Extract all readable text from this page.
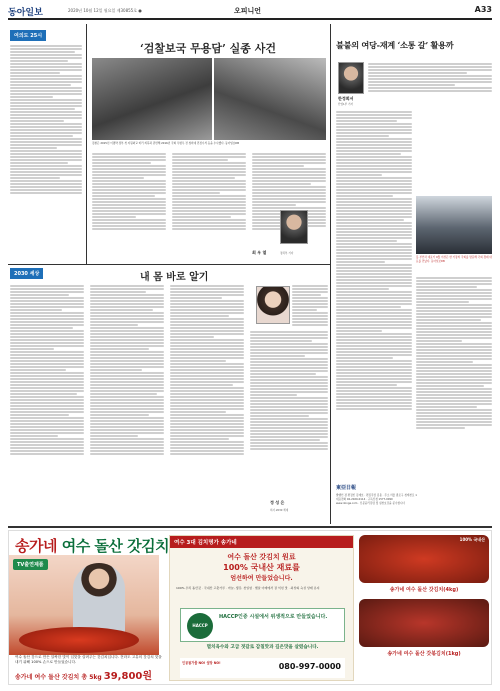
동아일보	2020년 10월 12일 월요일 제30855호 ●	오피니언	A33
여의도 25시
‘검찰보국 무용담’ 실종 사건
검찰은 2015년 이명박 정부 첫 자원외교 비리 의혹과 관련해 2016년 국회 우병우 전 청와대 민정수석 등을 수사했다. 동아일보DB
최 우 열	정치부 기자
불붙의 여당-재계 ‘소통 갈’ 활용까
한정희서
산업1부 기자
홍 부인차 대표가 9월 이상은 한 가장의 국회를 방문해 국회 경제 대표를 만났다. 동아일보DB
2030 세상	내 몸 바로 알기
정 성 은
의사·2030 세대
東亞日報
발행인 겸 편집인 김재호 · 편집국장 김용 · 주소 서울 종로구 청계천로 1
대표전화 02-2020-0114 · 구독신청 1577-0090
www.donga.com · 신문윤리강령 및 실천요강을 준수합니다
송가네 여수 돌산 갓김치
TV출연제품
여수 3대 김치명가 송가네
여수 돌산 갓김치 원료
100% 국내산 재료를
엄선하여 만들었습니다.
100% 우리 돌산갓 · 국내산 고춧가루 · 마늘, 생강, 천일염 · 햇살 아래에서 잘 익힌 맛 · 최상의 숙성 상태 유지
HACCP
HACCP인증 시설에서 위생적으로 만들었습니다.
멸치육수와 고급 젓갈로 감칠맛과 깊은맛을 살렸습니다.
인공첨가물 NO! 설탕 NO!	080-997-0000
100% 국내산
송가네 여수 돌산 갓김치(4kg)
송가네 여수 돌산 갓볶김치(1kg)
여수 돌산 갓으로 만든 알싸한 맛이 입맛을 살려주는 갓김치입니다. 전라도 고유의 갓김치 맛을 내기 위해 100% 손으로 만들었습니다.
송가네 여수 돌산 갓김치 총 5kg 39,800원
